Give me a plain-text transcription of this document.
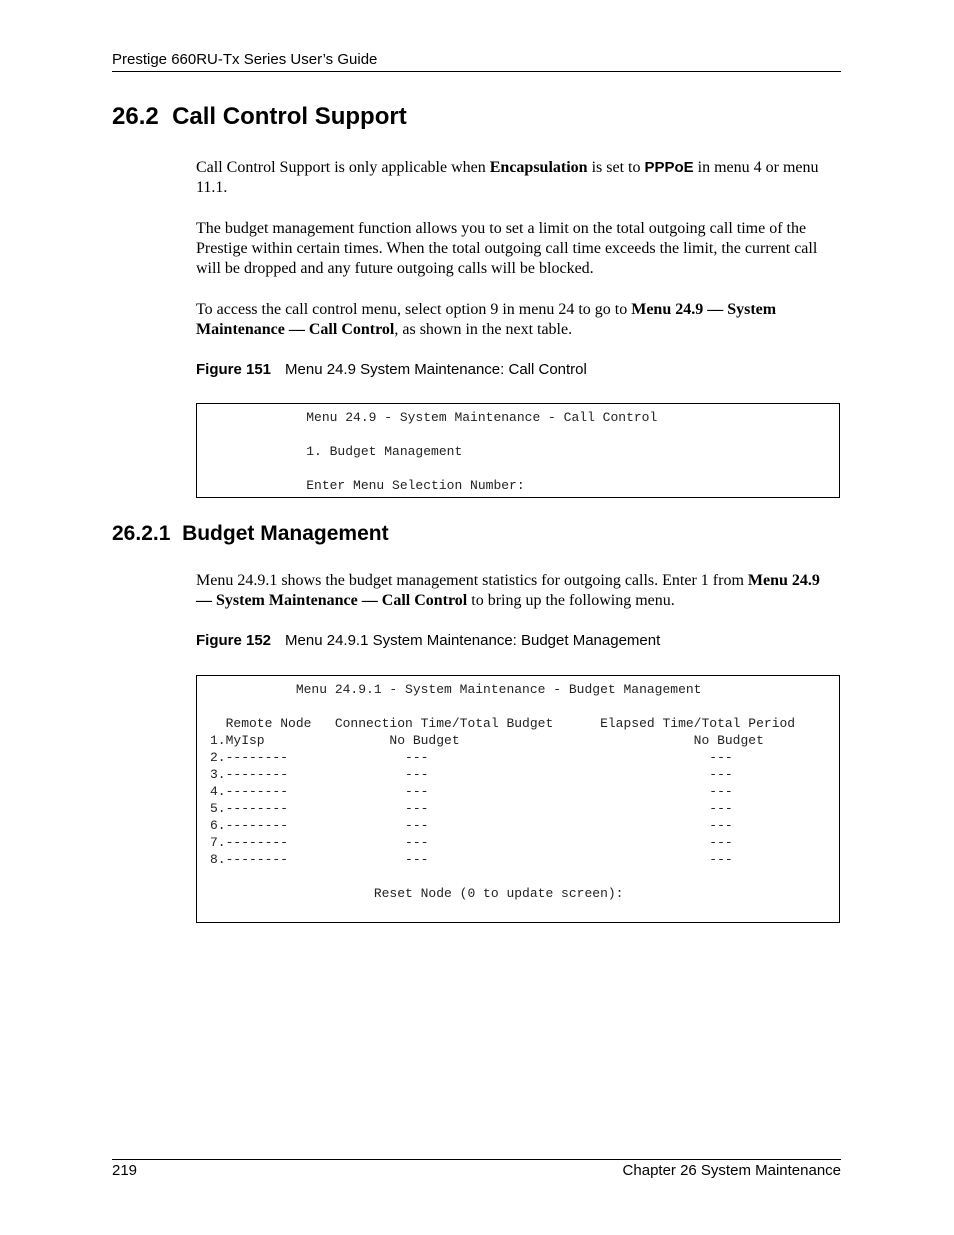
Prestige 660RU-Tx Series User’s Guide
26.2 Call Control Support

Call Control Support is only applicable when Encapsulation is set to PPPoE in menu 4 or menu 11.1.

The budget management function allows you to set a limit on the total outgoing call time of the Prestige within certain times. When the total outgoing call time exceeds the limit, the current call will be dropped and any future outgoing calls will be blocked.

To access the call control menu, select option 9 in menu 24 to go to Menu 24.9 — System Maintenance — Call Control, as shown in the next table.

Figure 151 Menu 24.9 System Maintenance: Call Control
Menu 24.9 - System Maintenance - Call Control

1. Budget Management

Enter Menu Selection Number:
26.2.1 Budget Management

Menu 24.9.1 shows the budget management statistics for outgoing calls. Enter 1 from Menu 24.9 — System Maintenance — Call Control to bring up the following menu.

Figure 152 Menu 24.9.1 System Maintenance: Budget Management
Menu 24.9.1 - System Maintenance - Budget Management

Remote Node   Connection Time/Total Budget      Elapsed Time/Total Period
1.MyIsp                No Budget                              No Budget
2.--------               ---                                    ---
3.--------               ---                                    ---
4.--------               ---                                    ---
5.--------               ---                                    ---
6.--------               ---                                    ---
7.--------               ---                                    ---
8.--------               ---                                    ---

Reset Node (0 to update screen):
219	Chapter 26 System Maintenance
